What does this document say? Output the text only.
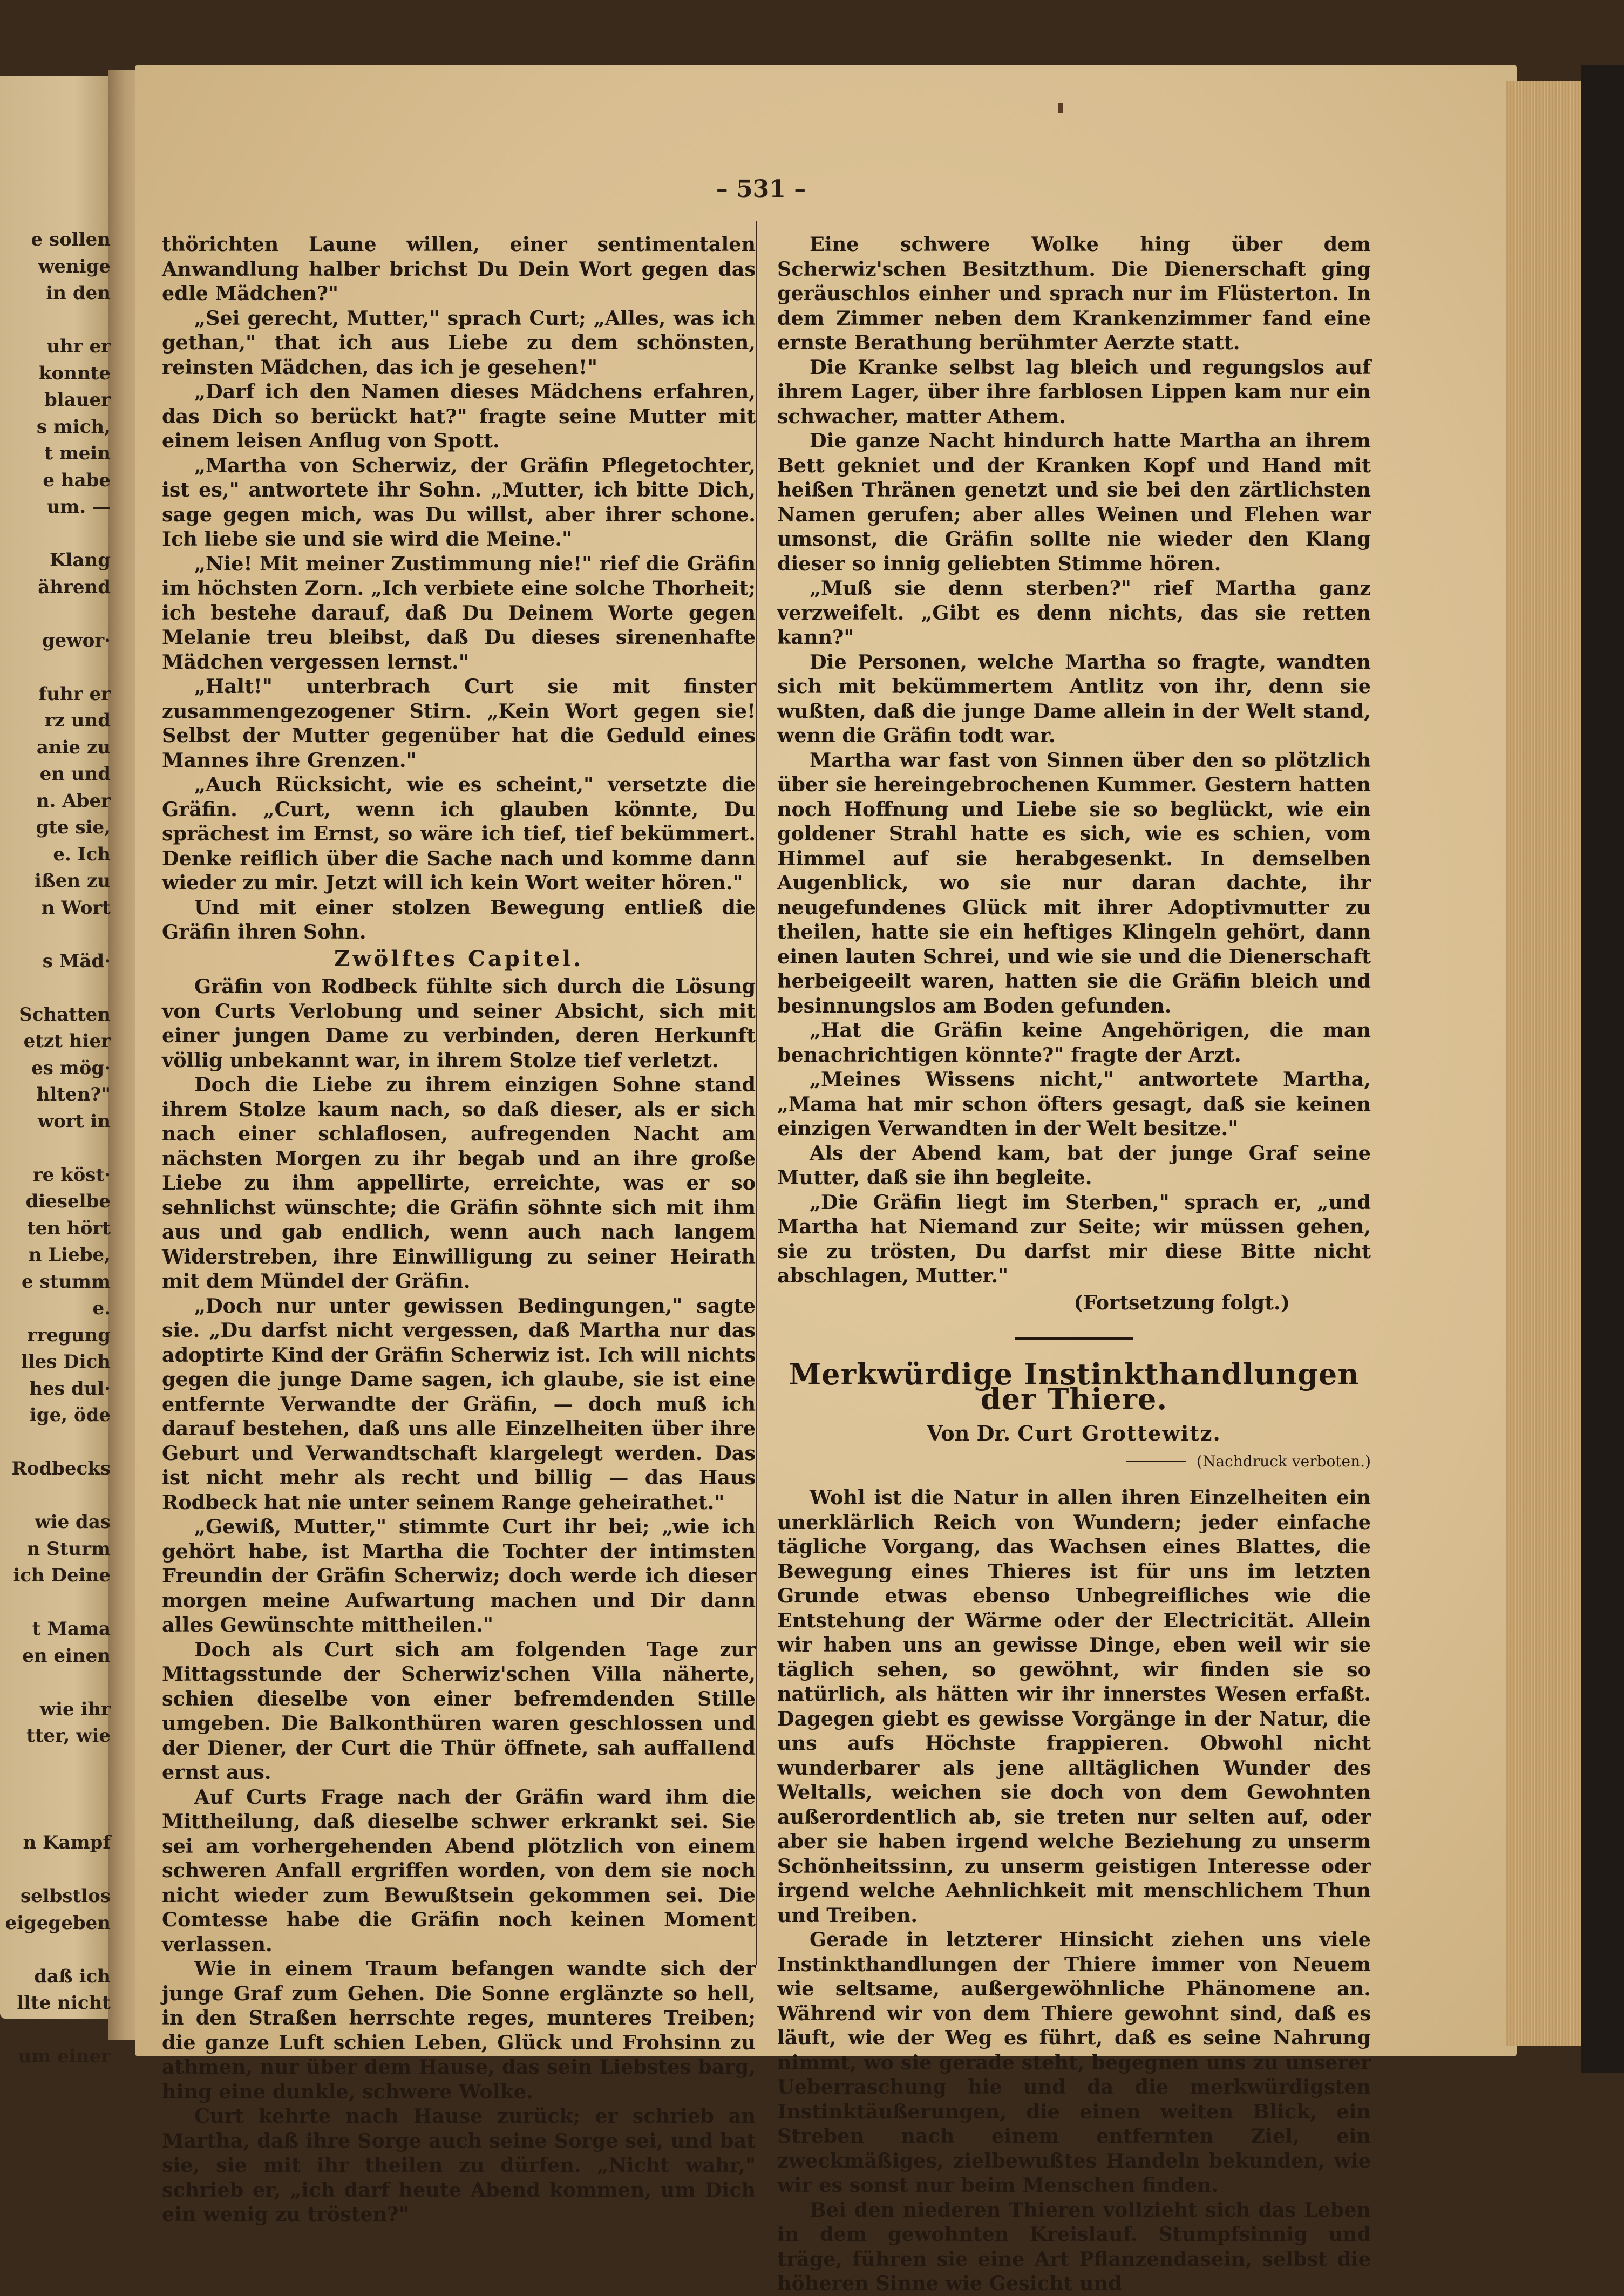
e sollen
wenige
in den

uhr er
konnte
blauer
s mich,
t mein
e habe
um. —

Klang
ährend

gewor·

fuhr er
rz und
anie zu
en und
n. Aber
gte sie,
e. Ich
ißen zu
n Wort

s Mäd·

Schatten
etzt hier
es mög·
hlten?"
wort in

re köst·
dieselbe
ten hört
n Liebe,
e stumm
e.
rregung
lles Dich
hes dul·
ige, öde

Rodbecks

wie das
n Sturm
ich Deine

t Mama
en einen

wie ihr
tter, wie

n Kampf

selbstlos
eigegeben

daß ich
llte nicht

um einer
– 531 –

thörichten Laune willen, einer sentimentalen Anwandlung halber brichst Du Dein Wort gegen das edle Mädchen?"

„Sei gerecht, Mutter," sprach Curt; „Alles, was ich gethan," that ich aus Liebe zu dem schönsten, reinsten Mädchen, das ich je gesehen!"

„Darf ich den Namen dieses Mädchens erfahren, das Dich so berückt hat?" fragte seine Mutter mit einem leisen Anflug von Spott.

„Martha von Scherwiz, der Gräfin Pflegetochter, ist es," antwortete ihr Sohn. „Mutter, ich bitte Dich, sage gegen mich, was Du willst, aber ihrer schone. Ich liebe sie und sie wird die Meine."

„Nie! Mit meiner Zustimmung nie!" rief die Gräfin im höchsten Zorn. „Ich verbiete eine solche Thorheit; ich bestehe darauf, daß Du Deinem Worte gegen Melanie treu bleibst, daß Du dieses sirenenhafte Mädchen vergessen lernst."

„Halt!" unterbrach Curt sie mit finster zusammengezogener Stirn. „Kein Wort gegen sie! Selbst der Mutter gegenüber hat die Geduld eines Mannes ihre Grenzen."

„Auch Rücksicht, wie es scheint," versetzte die Gräfin. „Curt, wenn ich glauben könnte, Du sprächest im Ernst, so wäre ich tief, tief bekümmert. Denke reiflich über die Sache nach und komme dann wieder zu mir. Jetzt will ich kein Wort weiter hören."

Und mit einer stolzen Bewegung entließ die Gräfin ihren Sohn.

Zwölftes Capitel.

Gräfin von Rodbeck fühlte sich durch die Lösung von Curts Verlobung und seiner Absicht, sich mit einer jungen Dame zu verbinden, deren Herkunft völlig unbekannt war, in ihrem Stolze tief verletzt.

Doch die Liebe zu ihrem einzigen Sohne stand ihrem Stolze kaum nach, so daß dieser, als er sich nach einer schlaflosen, aufregenden Nacht am nächsten Morgen zu ihr begab und an ihre große Liebe zu ihm appellirte, erreichte, was er so sehnlichst wünschte; die Gräfin söhnte sich mit ihm aus und gab endlich, wenn auch nach langem Widerstreben, ihre Einwilligung zu seiner Heirath mit dem Mündel der Gräfin.

„Doch nur unter gewissen Bedingungen," sagte sie. „Du darfst nicht vergessen, daß Martha nur das adoptirte Kind der Gräfin Scherwiz ist. Ich will nichts gegen die junge Dame sagen, ich glaube, sie ist eine entfernte Verwandte der Gräfin, — doch muß ich darauf bestehen, daß uns alle Einzelheiten über ihre Geburt und Verwandtschaft klargelegt werden. Das ist nicht mehr als recht und billig — das Haus Rodbeck hat nie unter seinem Range geheirathet."

„Gewiß, Mutter," stimmte Curt ihr bei; „wie ich gehört habe, ist Martha die Tochter der intimsten Freundin der Gräfin Scherwiz; doch werde ich dieser morgen meine Aufwartung machen und Dir dann alles Gewünschte mittheilen."

Doch als Curt sich am folgenden Tage zur Mittagsstunde der Scherwiz'schen Villa näherte, schien dieselbe von einer befremdenden Stille umgeben. Die Balkonthüren waren geschlossen und der Diener, der Curt die Thür öffnete, sah auffallend ernst aus.

Auf Curts Frage nach der Gräfin ward ihm die Mittheilung, daß dieselbe schwer erkrankt sei. Sie sei am vorhergehenden Abend plötzlich von einem schweren Anfall ergriffen worden, von dem sie noch nicht wieder zum Bewußtsein gekommen sei. Die Comtesse habe die Gräfin noch keinen Moment verlassen.

Wie in einem Traum befangen wandte sich der junge Graf zum Gehen. Die Sonne erglänzte so hell, in den Straßen herrschte reges, munteres Treiben; die ganze Luft schien Leben, Glück und Frohsinn zu athmen, nur über dem Hause, das sein Liebstes barg, hing eine dunkle, schwere Wolke.

Curt kehrte nach Hause zurück; er schrieb an Martha, daß ihre Sorge auch seine Sorge sei, und bat sie, sie mit ihr theilen zu dürfen. „Nicht wahr," schrieb er, „ich darf heute Abend kommen, um Dich ein wenig zu trösten?"

Eine schwere Wolke hing über dem Scherwiz'schen Besitzthum. Die Dienerschaft ging geräuschlos einher und sprach nur im Flüsterton. In dem Zimmer neben dem Krankenzimmer fand eine ernste Berathung berühmter Aerzte statt.

Die Kranke selbst lag bleich und regungslos auf ihrem Lager, über ihre farblosen Lippen kam nur ein schwacher, matter Athem.

Die ganze Nacht hindurch hatte Martha an ihrem Bett gekniet und der Kranken Kopf und Hand mit heißen Thränen genetzt und sie bei den zärtlichsten Namen gerufen; aber alles Weinen und Flehen war umsonst, die Gräfin sollte nie wieder den Klang dieser so innig geliebten Stimme hören.

„Muß sie denn sterben?" rief Martha ganz verzweifelt. „Gibt es denn nichts, das sie retten kann?"

Die Personen, welche Martha so fragte, wandten sich mit bekümmertem Antlitz von ihr, denn sie wußten, daß die junge Dame allein in der Welt stand, wenn die Gräfin todt war.

Martha war fast von Sinnen über den so plötzlich über sie hereingebrochenen Kummer. Gestern hatten noch Hoffnung und Liebe sie so beglückt, wie ein goldener Strahl hatte es sich, wie es schien, vom Himmel auf sie herabgesenkt. In demselben Augenblick, wo sie nur daran dachte, ihr neugefundenes Glück mit ihrer Adoptivmutter zu theilen, hatte sie ein heftiges Klingeln gehört, dann einen lauten Schrei, und wie sie und die Dienerschaft herbeigeeilt waren, hatten sie die Gräfin bleich und besinnungslos am Boden gefunden.

„Hat die Gräfin keine Angehörigen, die man benachrichtigen könnte?" fragte der Arzt.

„Meines Wissens nicht," antwortete Martha, „Mama hat mir schon öfters gesagt, daß sie keinen einzigen Verwandten in der Welt besitze."

Als der Abend kam, bat der junge Graf seine Mutter, daß sie ihn begleite.

„Die Gräfin liegt im Sterben," sprach er, „und Martha hat Niemand zur Seite; wir müssen gehen, sie zu trösten, Du darfst mir diese Bitte nicht abschlagen, Mutter."

(Fortsetzung folgt.)
Merkwürdige Instinkthandlungen der Thiere.
Von Dr. Curt Grottewitz.
(Nachdruck verboten.)

Wohl ist die Natur in allen ihren Einzelheiten ein unerklärlich Reich von Wundern; jeder einfache tägliche Vorgang, das Wachsen eines Blattes, die Bewegung eines Thieres ist für uns im letzten Grunde etwas ebenso Unbegreifliches wie die Entstehung der Wärme oder der Electricität. Allein wir haben uns an gewisse Dinge, eben weil wir sie täglich sehen, so gewöhnt, wir finden sie so natürlich, als hätten wir ihr innerstes Wesen erfaßt. Dagegen giebt es gewisse Vorgänge in der Natur, die uns aufs Höchste frappieren. Obwohl nicht wunderbarer als jene alltäglichen Wunder des Weltalls, weichen sie doch von dem Gewohnten außerordentlich ab, sie treten nur selten auf, oder aber sie haben irgend welche Beziehung zu unserm Schönheitssinn, zu unserm geistigen Interesse oder irgend welche Aehnlichkeit mit menschlichem Thun und Treiben.

Gerade in letzterer Hinsicht ziehen uns viele Instinkthandlungen der Thiere immer von Neuem wie seltsame, außergewöhnliche Phänomene an. Während wir von dem Thiere gewohnt sind, daß es läuft, wie der Weg es führt, daß es seine Nahrung nimmt, wo sie gerade steht, begegnen uns zu unserer Ueberraschung hie und da die merkwürdigsten Instinktäußerungen, die einen weiten Blick, ein Streben nach einem entfernten Ziel, ein zweckmäßiges, zielbewußtes Handeln bekunden, wie wir es sonst nur beim Menschen finden.

Bei den niederen Thieren vollzieht sich das Leben in dem gewohnten Kreislauf. Stumpfsinnig und träge, führen sie eine Art Pflanzendasein, selbst die höheren Sinne wie Gesicht und
